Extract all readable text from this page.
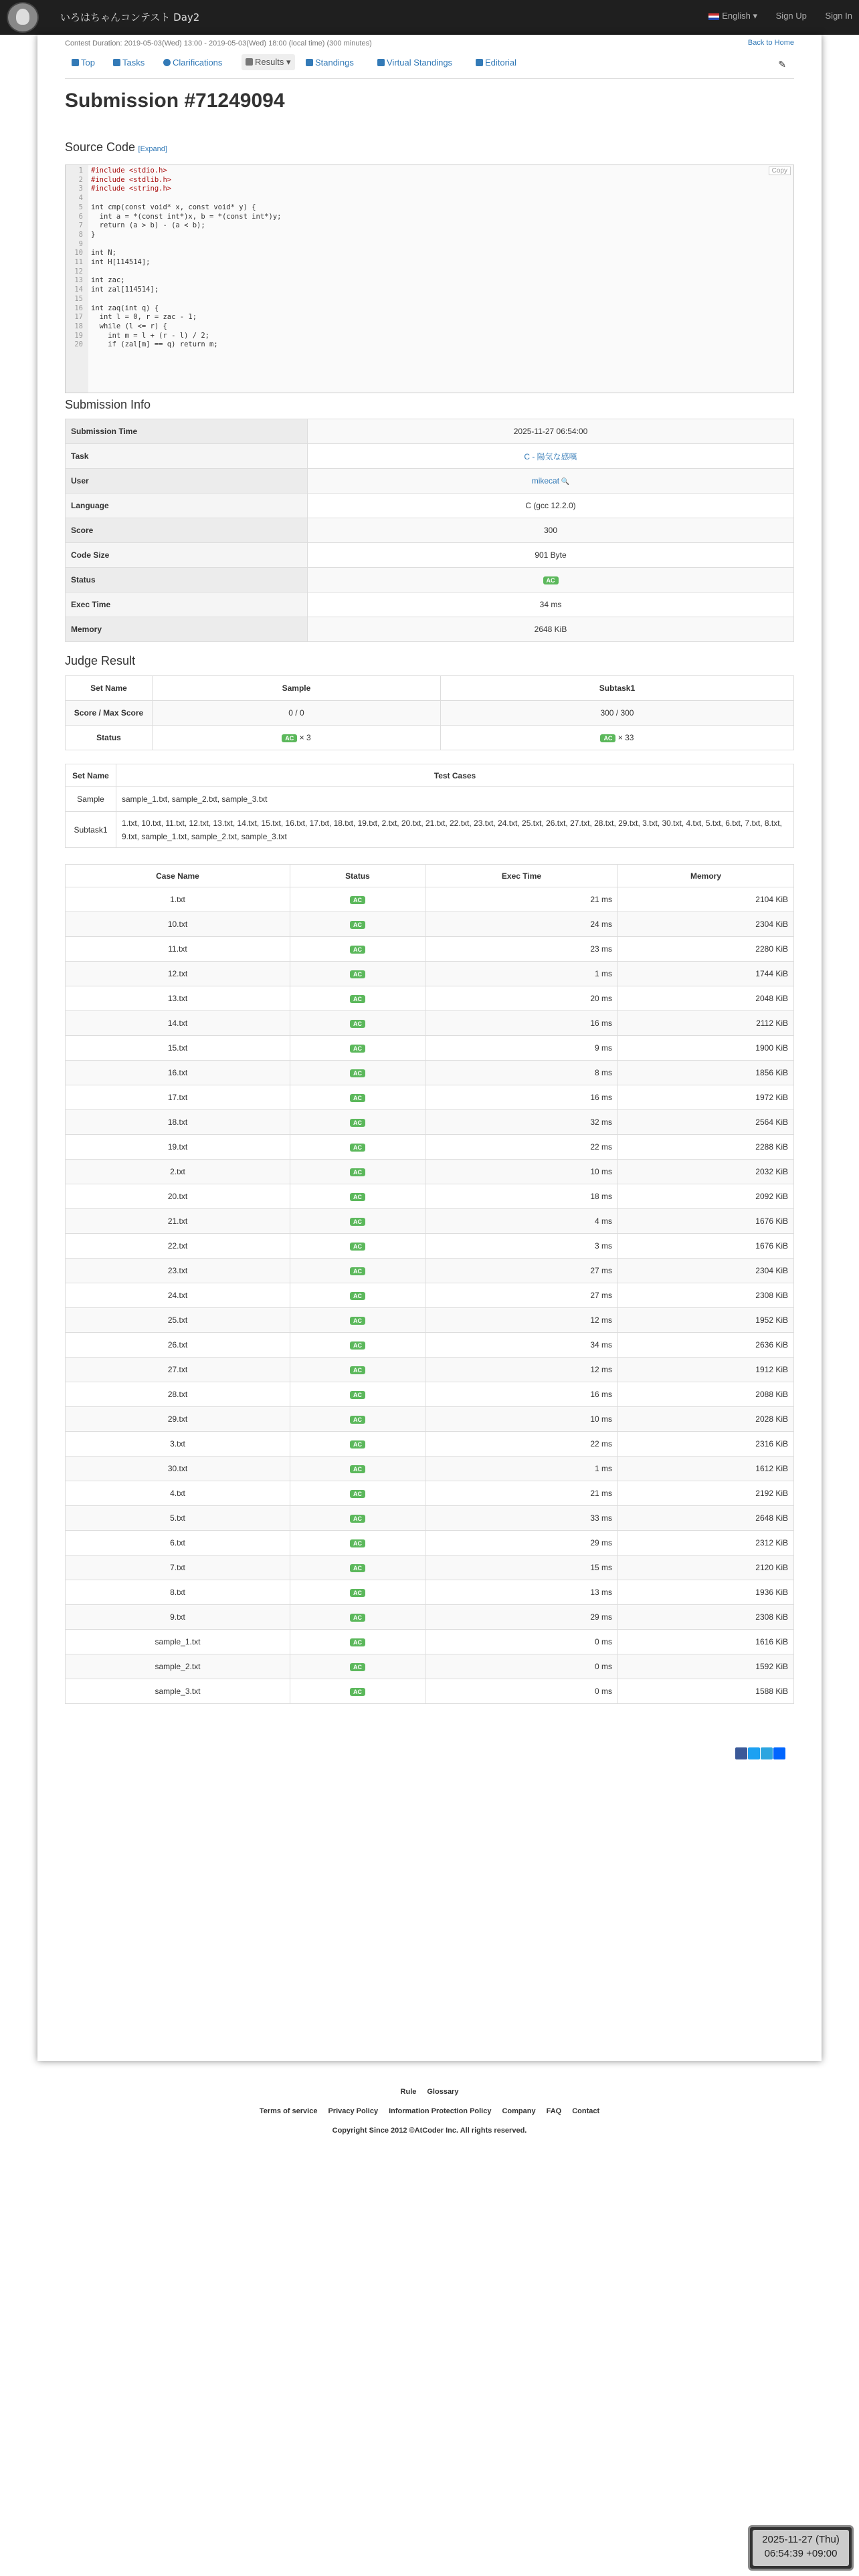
いろはちゃんコンテスト Day2	English ▾ Sign Up Sign In
Contest Duration: 2019-05-03(Wed) 13:00 - 2019-05-03(Wed) 18:00 (local time) (300 minutes)	Back to Home
Top	Tasks	Clarifications	Results ▾	Standings	Virtual Standings	Editorial	✎
Submission #71249094
Source Code [Expand]
1 #include <stdio.h>
2 #include <stdlib.h>
3 #include <string.h>
4
5 int cmp(const void* x, const void* y) {
6 int a = *(const int*)x, b = *(const int*)y;
7 return (a > b) - (a < b);
8 }
9
10 int N;
11 int H[114514];
12
13 int zac;
14 int zal[114514];
15
16 int zaq(int q) {
17 int l = 0, r = zac - 1;
18 while (l <= r) {
19 int m = l + (r - l) / 2;
20 if (zal[m] == q) return m;
Copy
Submission Info
Submission Time	2025-11-27 06:54:00
Task	C - 陽気な感嘆
User	mikecat 🔍
Language	C (gcc 12.2.0)
Score	300
Code Size	901 Byte
Status	AC
Exec Time	34 ms
Memory	2648 KiB
Judge Result
Set Name	Sample	Subtask1
Score / Max Score	0 / 0	300 / 300
Status	AC × 3	AC × 33
Set Name	Test Cases
Sample	sample_1.txt, sample_2.txt, sample_3.txt
Subtask1	1.txt, 10.txt, 11.txt, 12.txt, 13.txt, 14.txt, 15.txt, 16.txt, 17.txt, 18.txt, 19.txt, 2.txt, 20.txt, 21.txt, 22.txt, 23.txt, 24.txt, 25.txt, 26.txt, 27.txt, 28.txt, 29.txt, 3.txt, 30.txt, 4.txt, 5.txt, 6.txt, 7.txt, 8.txt, 9.txt, sample_1.txt, sample_2.txt, sample_3.txt
Case Name	Status	Exec Time	Memory
1.txt	AC	21 ms	2104 KiB
10.txt	AC	24 ms	2304 KiB
11.txt	AC	23 ms	2280 KiB
12.txt	AC	1 ms	1744 KiB
13.txt	AC	20 ms	2048 KiB
14.txt	AC	16 ms	2112 KiB
15.txt	AC	9 ms	1900 KiB
16.txt	AC	8 ms	1856 KiB
17.txt	AC	16 ms	1972 KiB
18.txt	AC	32 ms	2564 KiB
19.txt	AC	22 ms	2288 KiB
2.txt	AC	10 ms	2032 KiB
20.txt	AC	18 ms	2092 KiB
21.txt	AC	4 ms	1676 KiB
22.txt	AC	3 ms	1676 KiB
23.txt	AC	27 ms	2304 KiB
24.txt	AC	27 ms	2308 KiB
25.txt	AC	12 ms	1952 KiB
26.txt	AC	34 ms	2636 KiB
27.txt	AC	12 ms	1912 KiB
28.txt	AC	16 ms	2088 KiB
29.txt	AC	10 ms	2028 KiB
3.txt	AC	22 ms	2316 KiB
30.txt	AC	1 ms	1612 KiB
4.txt	AC	21 ms	2192 KiB
5.txt	AC	33 ms	2648 KiB
6.txt	AC	29 ms	2312 KiB
7.txt	AC	15 ms	2120 KiB
8.txt	AC	13 ms	1936 KiB
9.txt	AC	29 ms	2308 KiB
sample_1.txt	AC	0 ms	1616 KiB
sample_2.txt	AC	0 ms	1592 KiB
sample_3.txt	AC	0 ms	1588 KiB
Rule Glossary
Terms of service Privacy Policy Information Protection Policy Company FAQ Contact
Copyright Since 2012 ©AtCoder Inc. All rights reserved.
2025-11-27 (Thu)
06:54:39 +09:00
